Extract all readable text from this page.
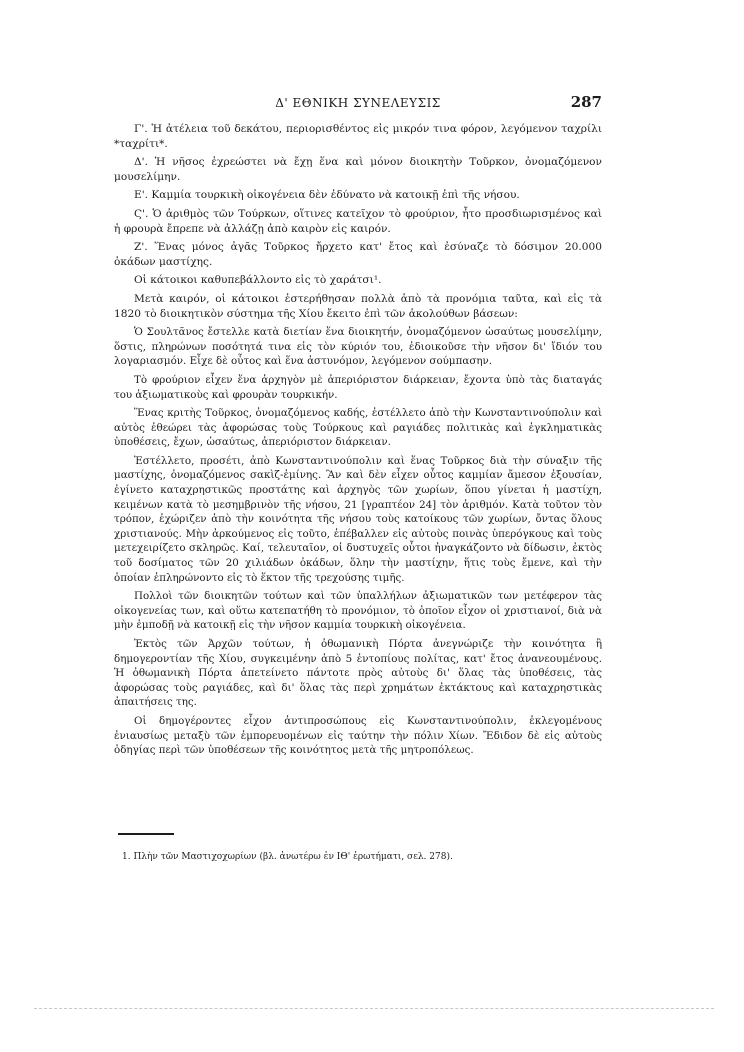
Δ' ΕΘΝΙΚΗ ΣΥΝΕΛΕΥΣΙΣ	287

Γ'. Ἡ ἀτέλεια τοῦ δεκάτου, περιορισθέντος εἰς μικρόν τινα φόρον, λεγόμενον ταχρίλι *ταχρίτι*.

Δ'. Ἡ νῆσος ἐχρεώστει νὰ ἔχῃ ἕνα καὶ μόνον διοικητὴν Τοῦρκον, ὀνομαζόμενον μουσελίμην.

Ε'. Καμμία τουρκικὴ οἰκογένεια δὲν ἐδύνατο νὰ κατοικῇ ἐπὶ τῆς νήσου.

Ϛ'. Ὁ ἀριθμὸς τῶν Τούρκων, οἵτινες κατεῖχον τὸ φρούριον, ἦτο προσδιωρισμένος καὶ ἡ φρουρὰ ἔπρεπε νὰ ἀλλάζῃ ἀπὸ καιρὸν εἰς καιρόν.

Ζ'. Ἕνας μόνος ἀγᾶς Τοῦρκος ἤρχετο κατ' ἔτος καὶ ἐσύναζε τὸ δόσιμον 20.000 ὀκάδων μαστίχης.

Οἱ κάτοικοι καθυπεβάλλοντο εἰς τὸ χαράτσι¹.

Μετὰ καιρόν, οἱ κάτοικοι ἐστερήθησαν πολλὰ ἀπὸ τὰ προνόμια ταῦτα, καὶ εἰς τὰ 1820 τὸ διοικητικὸν σύστημα τῆς Χίου ἔκειτο ἐπὶ τῶν ἀκολούθων βάσεων:

Ὁ Σουλτᾶνος ἔστελλε κατὰ διετίαν ἕνα διοικητήν, ὀνομαζόμενον ὡσαύτως μουσελίμην, ὅστις, πληρώνων ποσότητά τινα εἰς τὸν κύριόν του, ἐδιοικοῦσε τὴν νῆσον δι' ἴδιόν του λογαριασμόν. Εἶχε δὲ οὗτος καὶ ἕνα ἀστυνόμον, λεγόμενον σούμπασην.

Τὸ φρούριον εἶχεν ἕνα ἀρχηγὸν μὲ ἀπεριόριστον διάρκειαν, ἔχοντα ὑπὸ τὰς διαταγάς του ἀξιωματικοὺς καὶ φρουρὰν τουρκικήν.

Ἕνας κριτὴς Τοῦρκος, ὀνομαζόμενος καδής, ἐστέλλετο ἀπὸ τὴν Κωνσταντινούπολιν καὶ αὐτὸς ἐθεώρει τὰς ἀφορώσας τοὺς Τούρκους καὶ ραγιάδες πολιτικὰς καὶ ἐγκληματικὰς ὑποθέσεις, ἔχων, ὡσαύτως, ἀπεριόριστον διάρκειαν.

Ἐστέλλετο, προσέτι, ἀπὸ Κωνσταντινούπολιν καὶ ἕνας Τοῦρκος διὰ τὴν σύναξιν τῆς μαστίχης, ὀνομαζόμενος σακὶζ-ἐμίνης. Ἂν καὶ δὲν εἶχεν οὗτος καμμίαν ἄμεσον ἐξουσίαν, ἐγίνετο καταχρηστικῶς προστάτης καὶ ἀρχηγὸς τῶν χωρίων, ὅπου γίνεται ἡ μαστίχη, κειμένων κατὰ τὸ μεσημβρινὸν τῆς νήσου, 21 [γραπτέον 24] τὸν ἀριθμόν. Κατὰ τοῦτον τὸν τρόπον, ἐχώριζεν ἀπὸ τὴν κοινότητα τῆς νήσου τοὺς κατοίκους τῶν χωρίων, ὄντας ὅλους χριστιανούς. Μὴν ἀρκούμενος εἰς τοῦτο, ἐπέβαλλεν εἰς αὐτοὺς ποινὰς ὑπερόγκους καὶ τοὺς μετεχειρίζετο σκληρῶς. Καί, τελευταῖον, οἱ δυστυχεῖς οὗτοι ἠναγκάζοντο νὰ δίδωσιν, ἐκτὸς τοῦ δοσίματος τῶν 20 χιλιάδων ὀκάδων, ὅλην τὴν μαστίχην, ἥτις τοὺς ἔμενε, καὶ τὴν ὁποίαν ἐπληρώνοντο εἰς τὸ ἕκτον τῆς τρεχούσης τιμῆς.

Πολλοὶ τῶν διοικητῶν τούτων καὶ τῶν ὑπαλλήλων ἀξιωματικῶν των μετέφερον τὰς οἰκογενείας των, καὶ οὕτω κατεπατήθη τὸ προνόμιον, τὸ ὁποῖον εἶχον οἱ χριστιανοί, διὰ νὰ μὴν ἐμποδῇ νὰ κατοικῇ εἰς τὴν νῆσον καμμία τουρκικὴ οἰκογένεια.

Ἐκτὸς τῶν Ἀρχῶν τούτων, ἡ ὀθωμανικὴ Πόρτα ἀνεγνώριζε τὴν κοινότητα ἢ δημογεροντίαν τῆς Χίου, συγκειμένην ἀπὸ 5 ἐντοπίους πολίτας, κατ' ἔτος ἀνανεουμένους. Ἡ ὀθωμανικὴ Πόρτα ἀπετείνετο πάντοτε πρὸς αὐτοὺς δι' ὅλας τὰς ὑποθέσεις, τὰς ἀφορώσας τοὺς ραγιάδες, καὶ δι' ὅλας τὰς περὶ χρημάτων ἐκτάκτους καὶ καταχρηστικὰς ἀπαιτήσεις της.

Οἱ δημογέροντες εἶχον ἀντιπροσώπους εἰς Κωνσταντινούπολιν, ἐκλεγομένους ἐνιαυσίως μεταξὺ τῶν ἐμπορευομένων εἰς ταύτην τὴν πόλιν Χίων. Ἔδιδον δὲ εἰς αὐτοὺς ὁδηγίας περὶ τῶν ὑποθέσεων τῆς κοινότητος μετὰ τῆς μητροπόλεως.

1. Πλὴν τῶν Μαστιχοχωρίων (βλ. ἀνωτέρω ἐν ΙΘ' ἐρωτήματι, σελ. 278).
